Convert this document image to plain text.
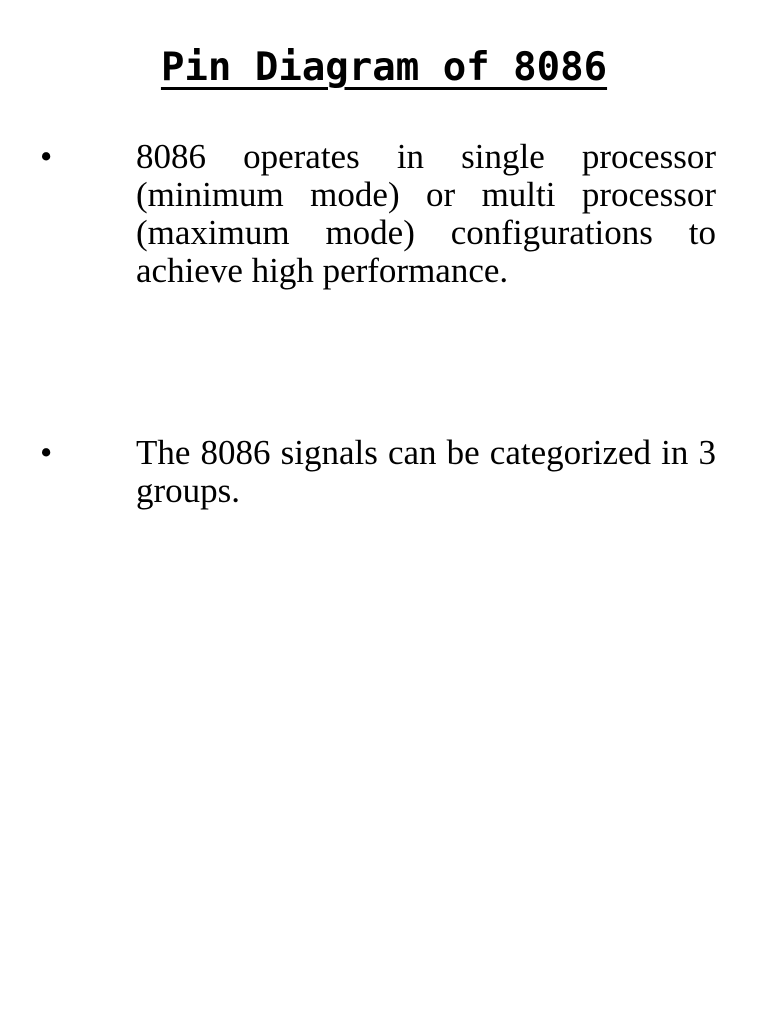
Pin Diagram of 8086
• 8086 operates in single processor (minimum mode) or multi processor (maximum mode) configurations to achieve high performance.
• The 8086 signals can be categorized in 3 groups.
